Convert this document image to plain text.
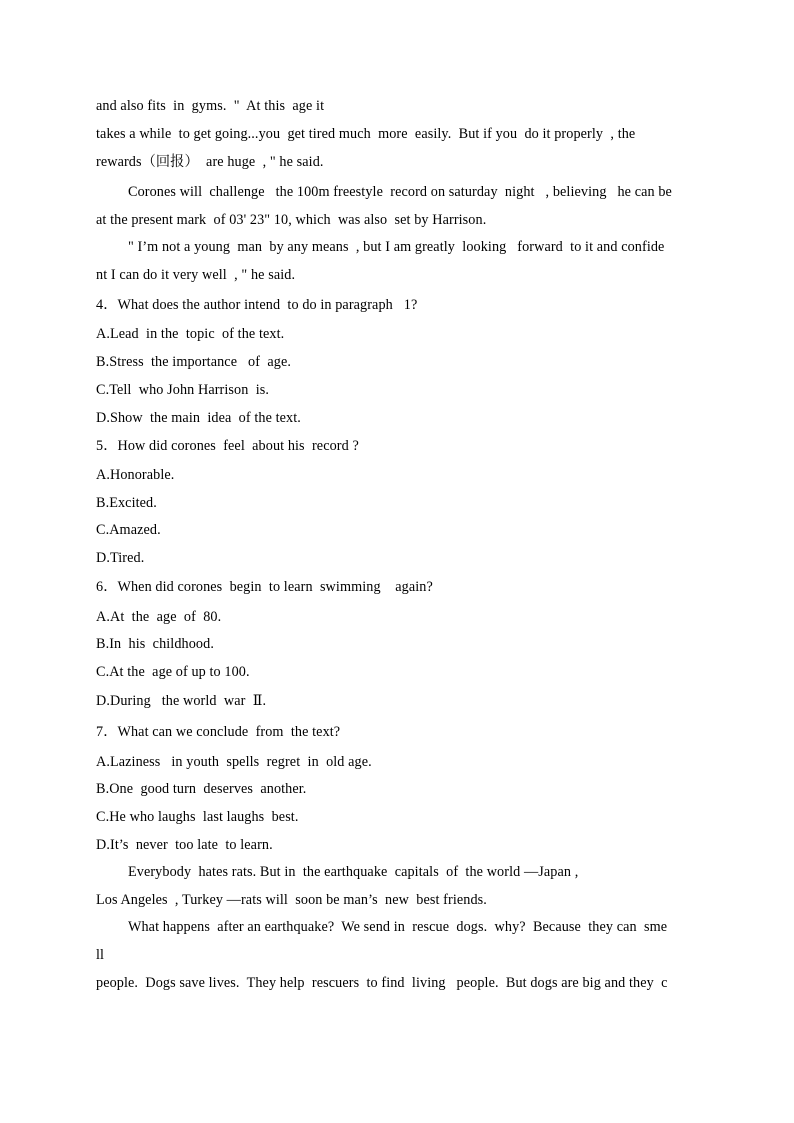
and also fits  in  gyms.  "  At this  age it
takes a while  to get going...you  get tired much  more  easily.  But if you  do it properly  , the
rewards（回报）  are huge  , " he said.
Corones will  challenge   the 100m freestyle  record on saturday  night   , believing   he can be
at the present mark  of 03' 23" 10, which  was also  set by Harrison.
" I’m not a young  man  by any means  , but I am greatly  looking   forward  to it and confide
nt I can do it very well  , " he said.
4．What does the author intend  to do in paragraph   1?
A.Lead  in the  topic  of the text.
B.Stress  the importance   of  age.
C.Tell  who John Harrison  is.
D.Show  the main  idea  of the text.
5．How did corones  feel  about his  record ?
A.Honorable.
B.Excited.
C.Amazed.
D.Tired.
6．When did corones  begin  to learn  swimming    again?
A.At  the  age  of  80.
B.In  his  childhood.
C.At the  age of up to 100.
D.During   the world  war  Ⅱ.
7．What can we conclude  from  the text?
A.Laziness   in youth  spells  regret  in  old age.
B.One  good turn  deserves  another.
C.He who laughs  last laughs  best.
D.It’s  never  too late  to learn.
Everybody  hates rats. But in  the earthquake  capitals  of  the world —Japan ,
Los Angeles  , Turkey —rats will  soon be man’s  new  best friends.
What happens  after an earthquake?  We send in  rescue  dogs.  why?  Because  they can  sme
ll
people.  Dogs save lives.  They help  rescuers  to find  living   people.  But dogs are big and they  c
